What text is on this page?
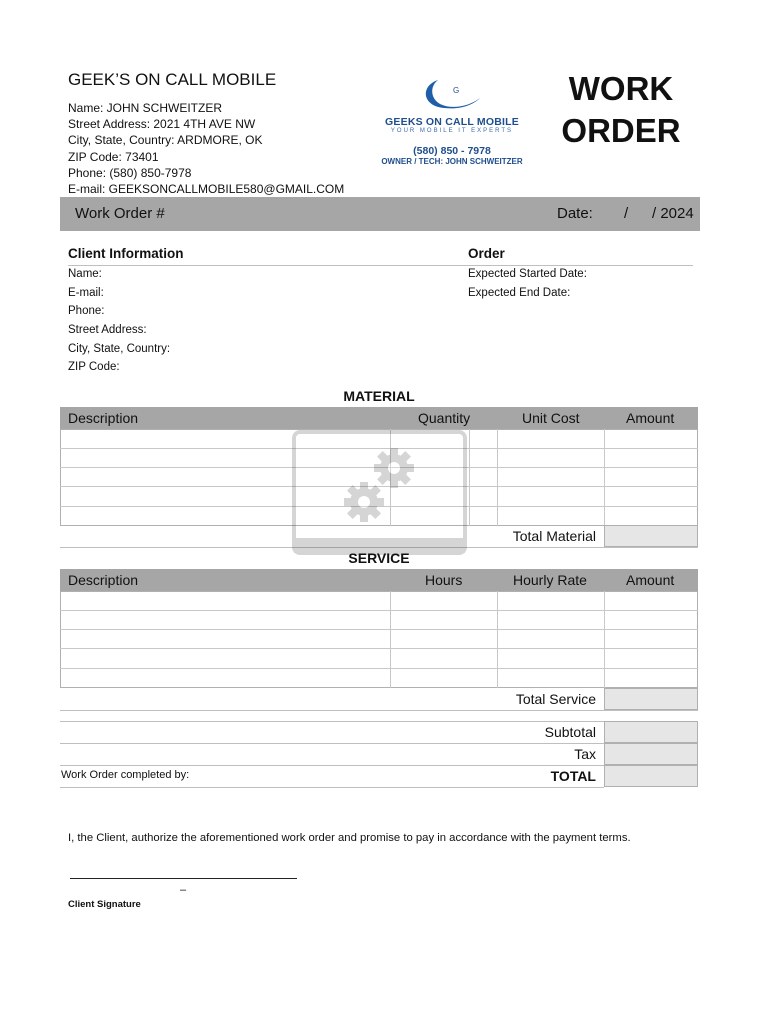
GEEK’S ON CALL MOBILE
Name: JOHN SCHWEITZER
Street Address: 2021 4TH AVE NW
City, State, Country: ARDMORE, OK
ZIP Code: 73401
Phone: (580) 850-7978
E-mail: GEEKSONCALLMOBILE580@GMAIL.COM
G
GEEKS ON CALL MOBILE
YOUR MOBILE IT EXPERTS
(580) 850 - 7978
OWNER / TECH: JOHN SCHWEITZER
WORK
ORDER
Work Order #	Date: / / 2024
Client Information	Order
Name:
E-mail:
Phone:
Street Address:
City, State, Country:
ZIP Code:
Expected Started Date:
Expected End Date:
MATERIAL
Description	Quantity	Unit Cost	Amount
Total Material
SERVICE
Description	Hours	Hourly Rate	Amount
Total Service
Subtotal
Tax
Work Order completed by:	TOTAL
I, the Client, authorize the aforementioned work order and promise to pay in accordance with the payment terms.
–
Client Signature
